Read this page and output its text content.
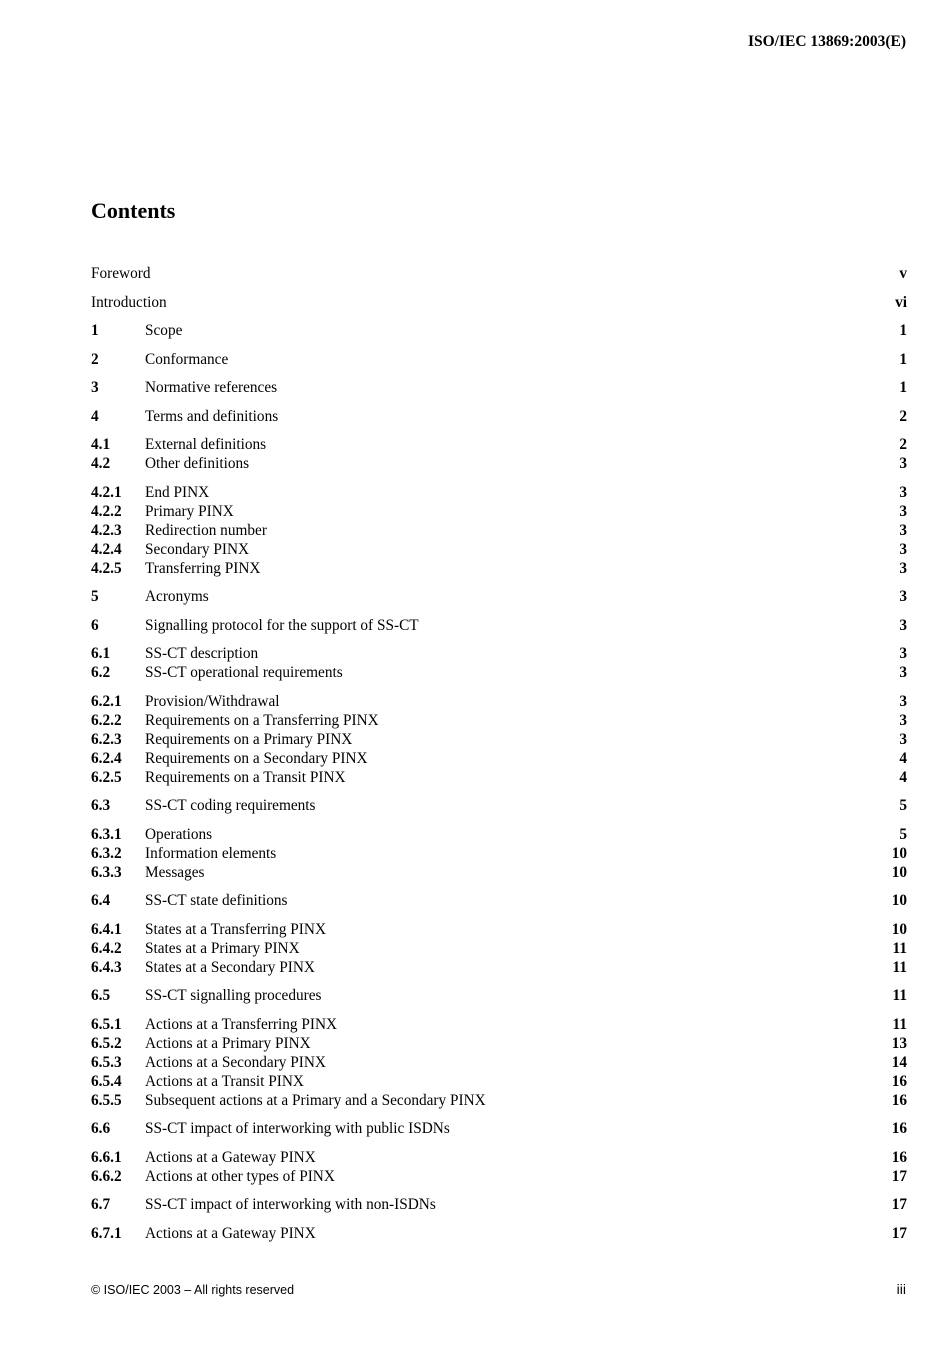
ISO/IEC 13869:2003(E)
Contents
Foreword	v
Introduction	vi
1	Scope	1
2	Conformance	1
3	Normative references	1
4	Terms and definitions	2
4.1 External definitions	2
4.2 Other definitions	3
4.2.1 End PINX	3
4.2.2 Primary PINX	3
4.2.3 Redirection number	3
4.2.4 Secondary PINX	3
4.2.5 Transferring PINX	3
5	Acronyms	3
6	Signalling protocol for the support of SS-CT	3
6.1 SS-CT description	3
6.2 SS-CT operational requirements	3
6.2.1 Provision/Withdrawal	3
6.2.2 Requirements on a Transferring PINX	3
6.2.3 Requirements on a Primary PINX	3
6.2.4 Requirements on a Secondary PINX	4
6.2.5 Requirements on a Transit PINX	4
6.3 SS-CT coding requirements	5
6.3.1 Operations	5
6.3.2 Information elements	10
6.3.3 Messages	10
6.4 SS-CT state definitions	10
6.4.1 States at a Transferring PINX	10
6.4.2 States at a Primary PINX	11
6.4.3 States at a Secondary PINX	11
6.5 SS-CT signalling procedures	11
6.5.1 Actions at a Transferring PINX	11
6.5.2 Actions at a Primary PINX	13
6.5.3 Actions at a Secondary PINX	14
6.5.4 Actions at a Transit PINX	16
6.5.5 Subsequent actions at a Primary and a Secondary PINX	16
6.6 SS-CT impact of interworking with public ISDNs	16
6.6.1 Actions at a Gateway PINX	16
6.6.2 Actions at other types of PINX	17
6.7 SS-CT impact of interworking with non-ISDNs	17
6.7.1 Actions at a Gateway PINX	17
© ISO/IEC 2003 – All rights reserved	iii
